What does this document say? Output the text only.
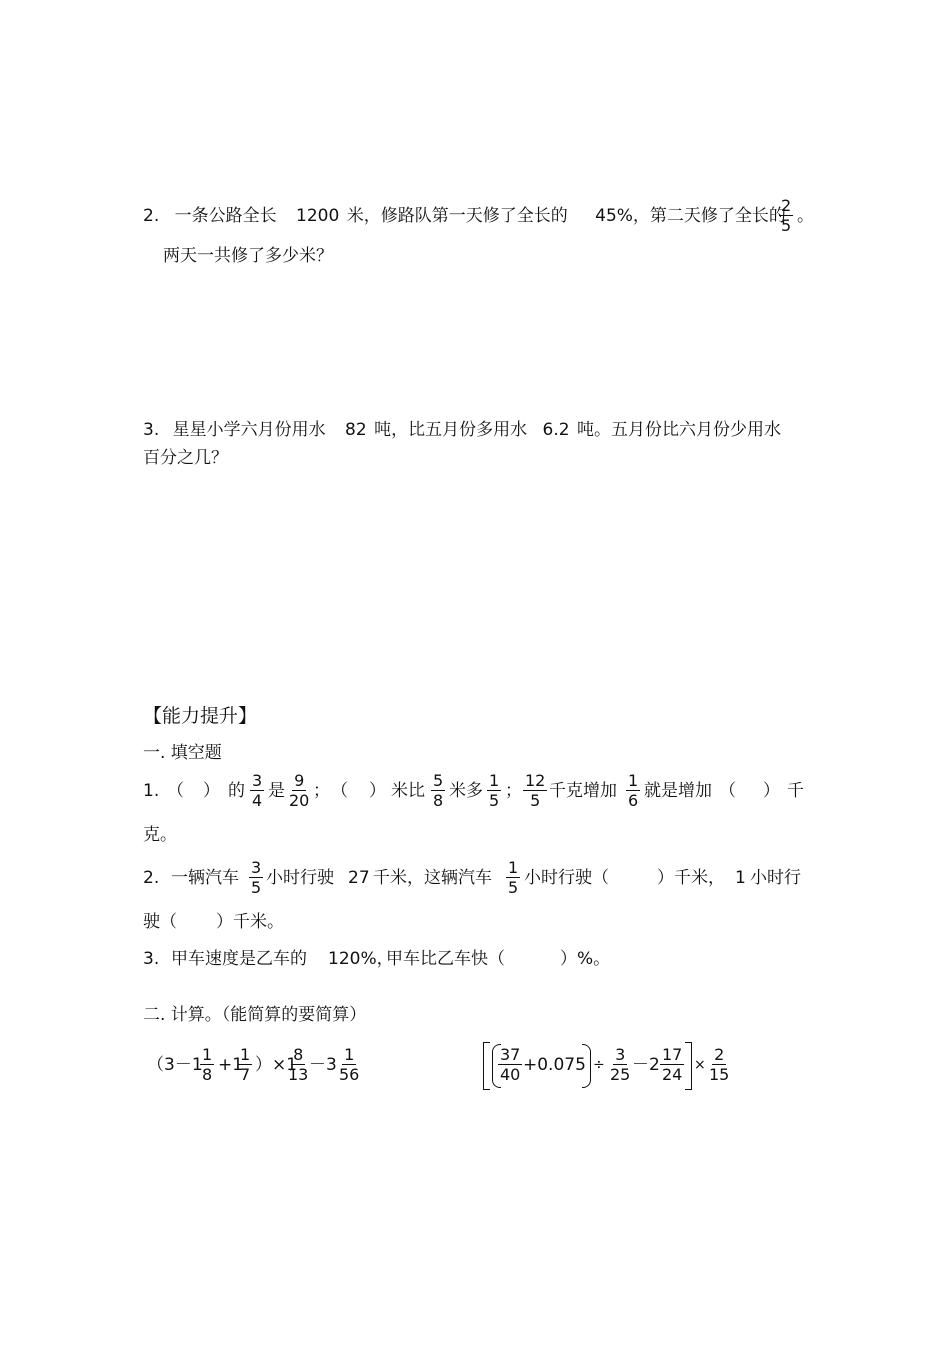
2. 一条公路全长 1200 米，修路队第一天修了全长的 45%，第二天修了全长的
$\frac{2}{5}$ 。
两天一共修了多少米？
3. 星星小学六月份用水 82 吨，比五月份多用水 6.2 吨。五月份比六月份少用水
百分之几？
【能力提升】
一. 填空题
1. （ ） 的 $\frac{3}{4}$ 是 $\frac{9}{20}$ ； （ ） 米比 $\frac{5}{8}$ 米多 $\frac{1}{5}$ ； $\frac{12}{5}$ 千克增加 $\frac{1}{6}$ 就是增加 （ ） 千
克。
2. 一辆汽车 $\frac{3}{5}$ 小时行驶 27 千米，这辆汽车 $\frac{1}{5}$ 小时行驶（	）千米， 1 小时行
驶（ ）千米。
3. 甲车速度是乙车的 120%，
甲车比乙车快（	）%。
二. 计算。（能简算的要简算）
（3－1
$\frac{1}{8} +1$
$\frac{1}{7} )\times 1$
$\frac{8}{13}$
$-3 \frac{1}{56}$	$\frac{37}{40} +0.075 \div \frac{3}{25} -2 \frac{17}{24} \times \frac{2}{15}$
